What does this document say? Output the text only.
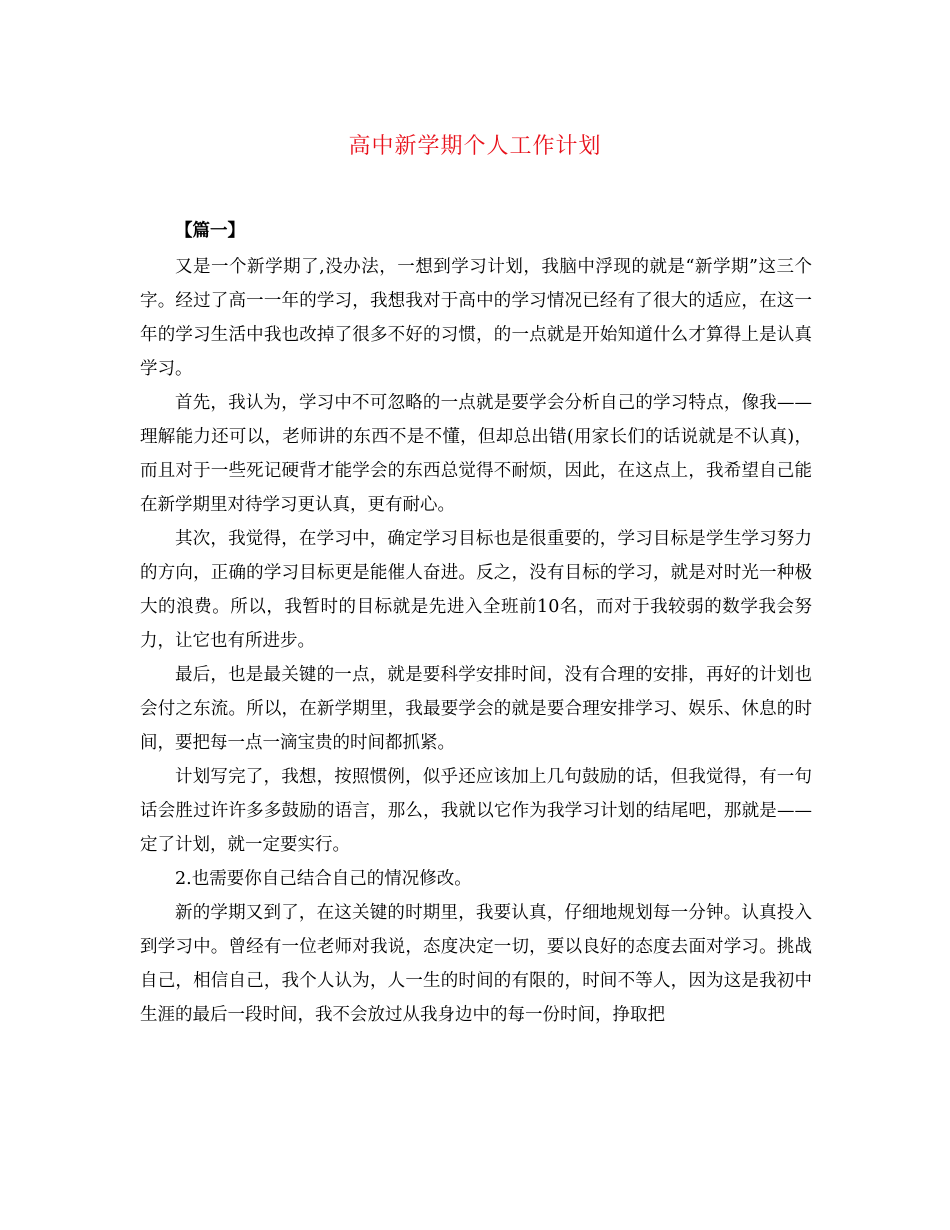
高中新学期个人工作计划

【篇一】

又是一个新学期了,没办法，一想到学习计划，我脑中浮现的就是“新学期”这三个字。经过了高一一年的学习，我想我对于高中的学习情况已经有了很大的适应，在这一年的学习生活中我也改掉了很多不好的习惯，的一点就是开始知道什么才算得上是认真学习。

首先，我认为，学习中不可忽略的一点就是要学会分析自己的学习特点，像我——理解能力还可以，老师讲的东西不是不懂，但却总出错(用家长们的话说就是不认真)，而且对于一些死记硬背才能学会的东西总觉得不耐烦，因此，在这点上，我希望自己能在新学期里对待学习更认真，更有耐心。

其次，我觉得，在学习中，确定学习目标也是很重要的，学习目标是学生学习努力的方向，正确的学习目标更是能催人奋进。反之，没有目标的学习，就是对时光一种极大的浪费。所以，我暂时的目标就是先进入全班前10名，而对于我较弱的数学我会努力，让它也有所进步。

最后，也是最关键的一点，就是要科学安排时间，没有合理的安排，再好的计划也会付之东流。所以，在新学期里，我最要学会的就是要合理安排学习、娱乐、休息的时间，要把每一点一滴宝贵的时间都抓紧。

计划写完了，我想，按照惯例，似乎还应该加上几句鼓励的话，但我觉得，有一句话会胜过许许多多鼓励的语言，那么，我就以它作为我学习计划的结尾吧，那就是——定了计划，就一定要实行。

2.也需要你自己结合自己的情况修改。

新的学期又到了，在这关键的时期里，我要认真，仔细地规划每一分钟。认真投入到学习中。曾经有一位老师对我说，态度决定一切，要以良好的态度去面对学习。挑战自己，相信自己，我个人认为，人一生的时间的有限的，时间不等人，因为这是我初中生涯的最后一段时间，我不会放过从我身边中的每一份时间，挣取把
